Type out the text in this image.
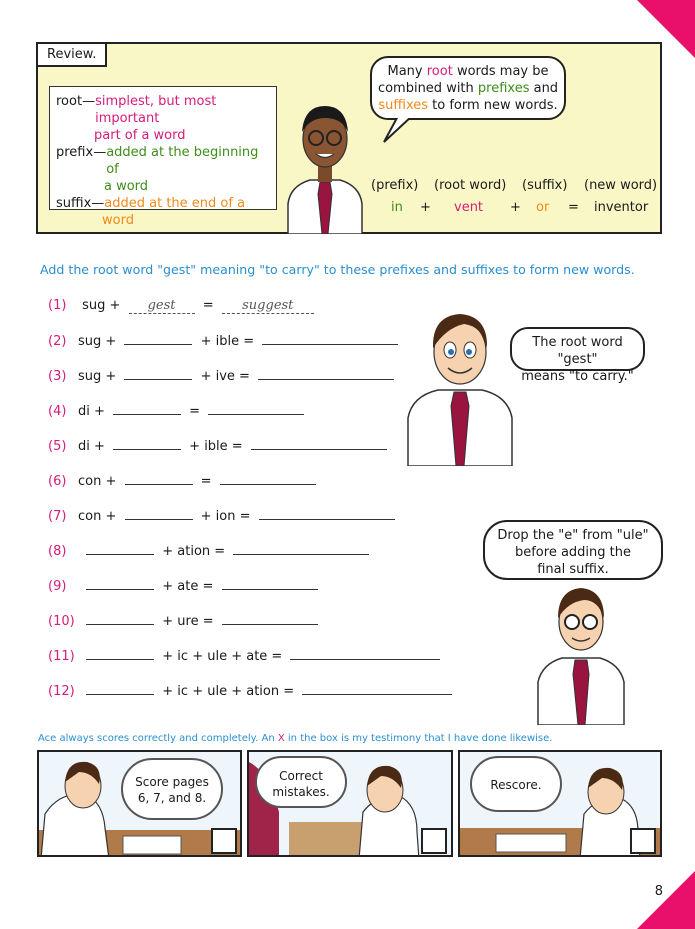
Review.
root— simplest, but most important
part of a word
prefix— added at the beginning of
a word
suffix— added at the end of a
word
Many root words may be
combined with prefixes and
suffixes to form new words.
(prefix) (root word) (suffix) (new word)
in + vent + or = inventor
Add the root word "gest" meaning "to carry" to these prefixes and suffixes to form new words.
(1) sug + gest = suggest
(2) sug +	+ ible =
(3) sug +	+ ive =
(4) di +	=
(5) di +	+ ible =
(6) con +	=
(7) con +	+ ion =
(8)	+ ation =
(9)	+ ate =
(10)	+ ure =
(11)	+ ic + ule + ate =
(12)	+ ic + ule + ation =
The root word "gest"
means "to carry."
Drop the "e" from "ule"
before adding the
final suffix.
Ace always scores correctly and completely. An X in the box is my testimony that I have done likewise.
Score pages
6, 7, and 8.
Correct
mistakes.	Rescore.
8
